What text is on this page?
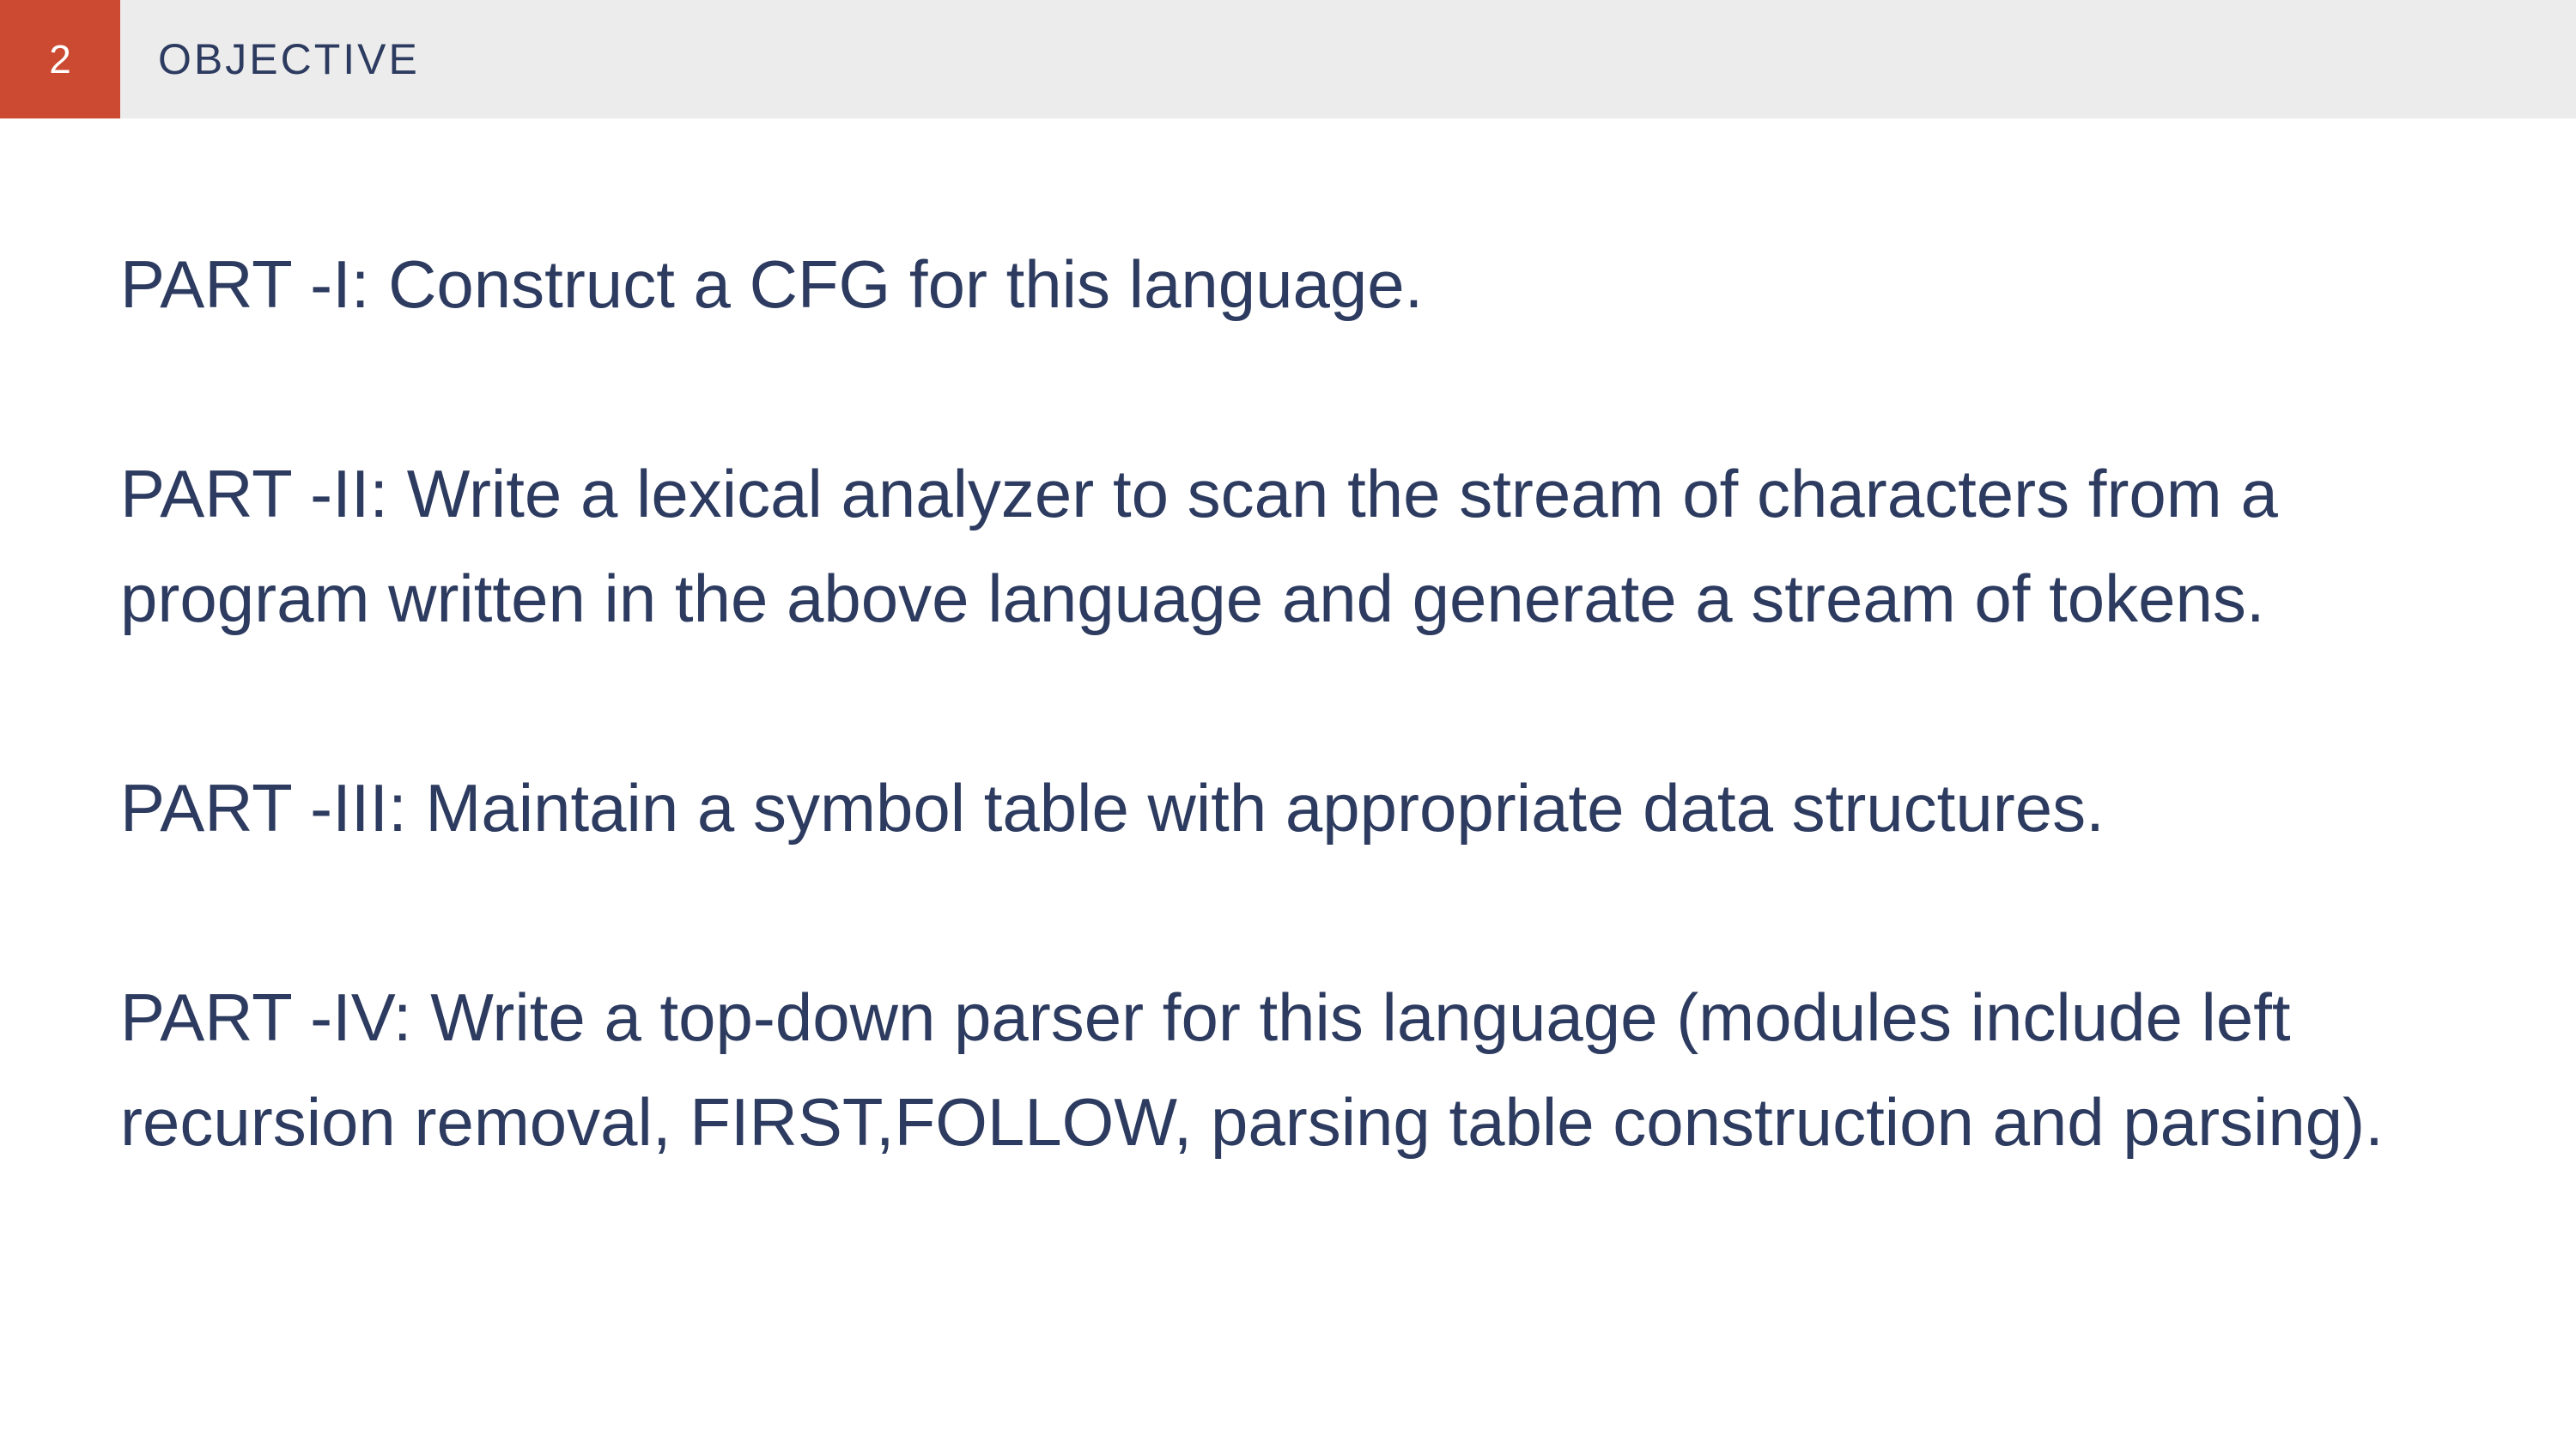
2 OBJECTIVE

PART -I: Construct a CFG for this language.

PART -II: Write a lexical analyzer to scan the stream of characters from a program written in the above language and generate a stream of tokens.

PART -III: Maintain a symbol table with appropriate data structures.

PART -IV: Write a top-down parser for this language (modules include left recursion removal, FIRST,FOLLOW, parsing table construction and parsing).
